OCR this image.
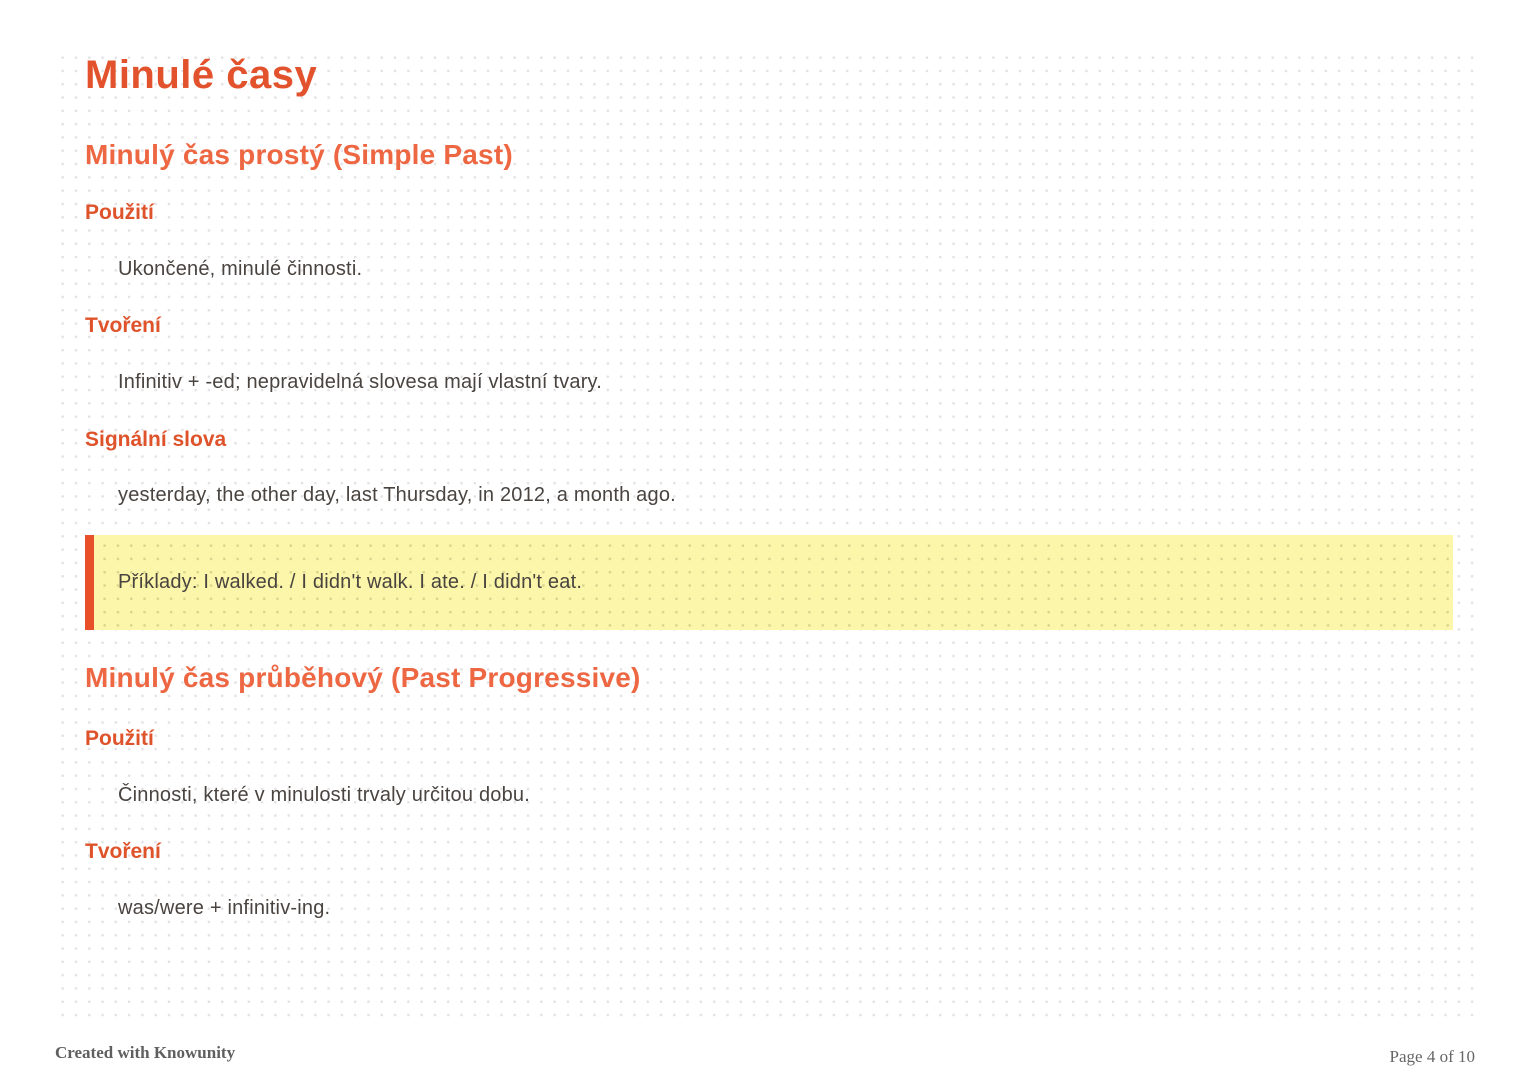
Minulé časy
Minulý čas prostý (Simple Past)
Použití

Ukončené, minulé činnosti.

Tvoření

Infinitiv + -ed; nepravidelná slovesa mají vlastní tvary.

Signální slova

yesterday, the other day, last Thursday, in 2012, a month ago.

Příklady: I walked. / I didn't walk. I ate. / I didn't eat.

Minulý čas průběhový (Past Progressive)
Použití

Činnosti, které v minulosti trvaly určitou dobu.

Tvoření

was/were + infinitiv-ing.

Created with Knowunity	Page 4 of 10
